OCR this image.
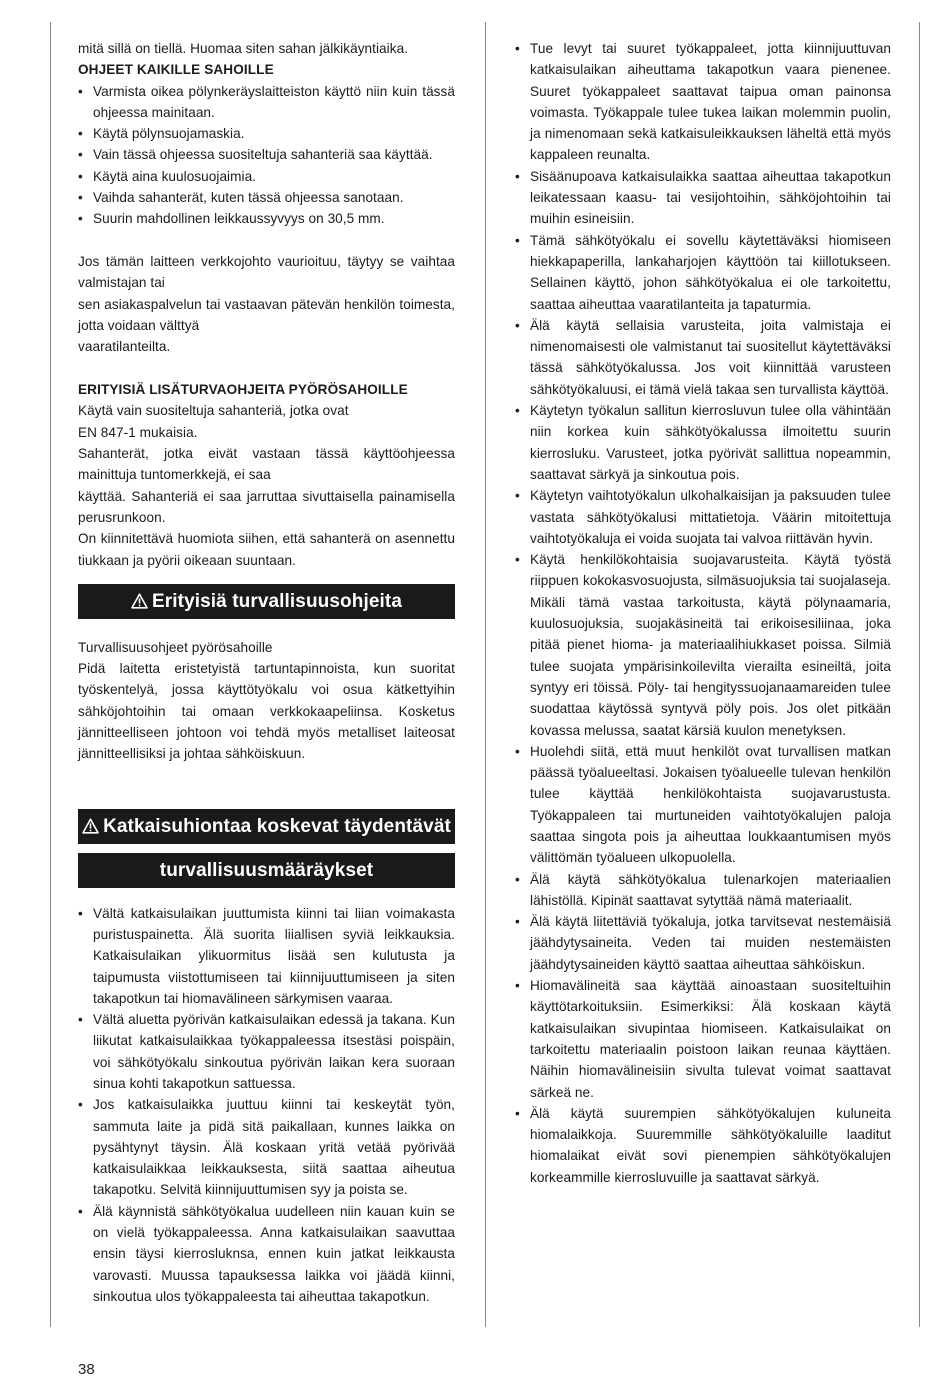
mitä sillä on tiellä. Huomaa siten sahan jälkikäyntiaika.

OHJEET KAIKILLE SAHOILLE

• Varmista oikea pölynkeräyslaitteiston käyttö niin kuin tässä ohjeessa mainitaan.
• Käytä pölynsuojamaskia.
• Vain tässä ohjeessa suositeltuja sahanteriä saa käyttää.
• Käytä aina kuulosuojaimia.
• Vaihda sahanterät, kuten tässä ohjeessa sanotaan.
• Suurin mahdollinen leikkaussyvyys on 30,5 mm.

Jos tämän laitteen verkkojohto vaurioituu, täytyy se vaihtaa valmistajan tai

sen asiakaspalvelun tai vastaavan pätevän henkilön toimesta, jotta voidaan välttyä

vaaratilanteilta.

ERITYISIÄ LISÄTURVAOHJEITA PYÖRÖSAHOILLE

Käytä vain suositeltuja sahanteriä, jotka ovat

EN 847-1 mukaisia.

Sahanterät, jotka eivät vastaan tässä käyttöohjeessa mainittuja tuntomerkkejä, ei saa

käyttää. Sahanteriä ei saa jarruttaa sivuttaisella painamisella perusrunkoon.

On kiinnitettävä huomiota siihen, että sahanterä on asennettu tiukkaan ja pyörii oikeaan suuntaan.

Erityisiä turvallisuusohjeita

Turvallisuusohjeet pyörösahoille

Pidä laitetta eristetyistä tartuntapinnoista, kun suoritat työskentelyä, jossa käyttötyökalu voi osua kätkettyihin sähköjohtoihin tai omaan verkkokaapeliinsa. Kosketus jännitteelliseen johtoon voi tehdä myös metalliset laiteosat jännitteellisiksi ja johtaa sähköiskuun.

Katkaisuhiontaa koskevat täydentävät
turvallisuusmääräykset
• Vältä katkaisulaikan juuttumista kiinni tai liian voimakasta puristuspainetta. Älä suorita liiallisen syviä leikkauksia. Katkaisulaikan ylikuormitus lisää sen kulutusta ja taipumusta viistottumiseen tai kiinnijuuttumiseen ja siten takapotkun tai hiomavälineen särkymisen vaaraa.
• Vältä aluetta pyörivän katkaisulaikan edessä ja takana. Kun liikutat katkaisulaikkaa työkappaleessa itsestäsi poispäin, voi sähkötyökalu sinkoutua pyörivän laikan kera suoraan sinua kohti takapotkun sattuessa.
• Jos katkaisulaikka juuttuu kiinni tai keskeytät työn, sammuta laite ja pidä sitä paikallaan, kunnes laikka on pysähtynyt täysin. Älä koskaan yritä vetää pyörivää katkaisulaikkaa leikkauksesta, siitä saattaa aiheutua takapotku. Selvitä kiinnijuuttumisen syy ja poista se.
• Älä käynnistä sähkötyökalua uudelleen niin kauan kuin se on vielä työkappaleessa. Anna katkaisulaikan saavuttaa ensin täysi kierrosluknsa, ennen kuin jatkat leikkausta varovasti. Muussa tapauksessa laikka voi jäädä kiinni, sinkoutua ulos työkappaleesta tai aiheuttaa takapotkun.
• Tue levyt tai suuret työkappaleet, jotta kiinnijuuttuvan katkaisulaikan aiheuttama takapotkun vaara pienenee. Suuret työkappaleet saattavat taipua oman painonsa voimasta. Työkappale tulee tukea laikan molemmin puolin, ja nimenomaan sekä katkaisuleikkauksen läheltä että myös kappaleen reunalta.
• Sisäänupoava katkaisulaikka saattaa aiheuttaa takapotkun leikatessaan kaasu- tai vesijohtoihin, sähköjohtoihin tai muihin esineisiin.
• Tämä sähkötyökalu ei sovellu käytettäväksi hiomiseen hiekkapaperilla, lankaharjojen käyttöön tai kiillotukseen. Sellainen käyttö, johon sähkötyökalua ei ole tarkoitettu, saattaa aiheuttaa vaaratilanteita ja tapaturmia.
• Älä käytä sellaisia varusteita, joita valmistaja ei nimenomaisesti ole valmistanut tai suositellut käytettäväksi tässä sähkötyökalussa. Jos voit kiinnittää varusteen sähkötyökaluusi, ei tämä vielä takaa sen turvallista käyttöä.
• Käytetyn työkalun sallitun kierrosluvun tulee olla vähintään niin korkea kuin sähkötyökalussa ilmoitettu suurin kierrosluku. Varusteet, jotka pyörivät sallittua nopeammin, saattavat särkyä ja sinkoutua pois.
• Käytetyn vaihtotyökalun ulkohalkaisijan ja paksuuden tulee vastata sähkötyökalusi mittatietoja. Väärin mitoitettuja vaihtotyökaluja ei voida suojata tai valvoa riittävän hyvin.
• Käytä henkilökohtaisia suojavarusteita. Käytä työstä riippuen kokokasvosuojusta, silmäsuojuksia tai suojalaseja. Mikäli tämä vastaa tarkoitusta, käytä pölynaamaria, kuulosuojuksia, suojakäsineitä tai erikoisesiliinaa, joka pitää pienet hioma- ja materiaalihiukkaset poissa. Silmiä tulee suojata ympärisinkoilevilta vierailta esineiltä, joita syntyy eri töissä. Pöly- tai hengityssuojanaamareiden tulee suodattaa käytössä syntyvä pöly pois. Jos olet pitkään kovassa melussa, saatat kärsiä kuulon menetyksen.
• Huolehdi siitä, että muut henkilöt ovat turvallisen matkan päässä työalueeltasi. Jokaisen työalueelle tulevan henkilön tulee käyttää henkilökohtaista suojavarustusta. Työkappaleen tai murtuneiden vaihtotyökalujen paloja saattaa singota pois ja aiheuttaa loukkaantumisen myös välittömän työalueen ulkopuolella.
• Älä käytä sähkötyökalua tulenarkojen materiaalien lähistöllä. Kipinät saattavat sytyttää nämä materiaalit.
• Älä käytä liitettäviä työkaluja, jotka tarvitsevat nestemäisiä jäähdytysaineita. Veden tai muiden nestemäisten jäähdytysaineiden käyttö saattaa aiheuttaa sähköiskun.
• Hiomavälineitä saa käyttää ainoastaan suositeltuihin käyttötarkoituksiin. Esimerkiksi: Älä koskaan käytä katkaisulaikan sivupintaa hiomiseen. Katkaisulaikat on tarkoitettu materiaalin poistoon laikan reunaa käyttäen. Näihin hiomavälineisiin sivulta tulevat voimat saattavat särkeä ne.
• Älä käytä suurempien sähkötyökalujen kuluneita hiomalaikkoja. Suuremmille sähkötyökaluille laaditut hiomalaikat eivät sovi pienempien sähkötyökalujen korkeammille kierrosluvuille ja saattavat särkyä.
38
